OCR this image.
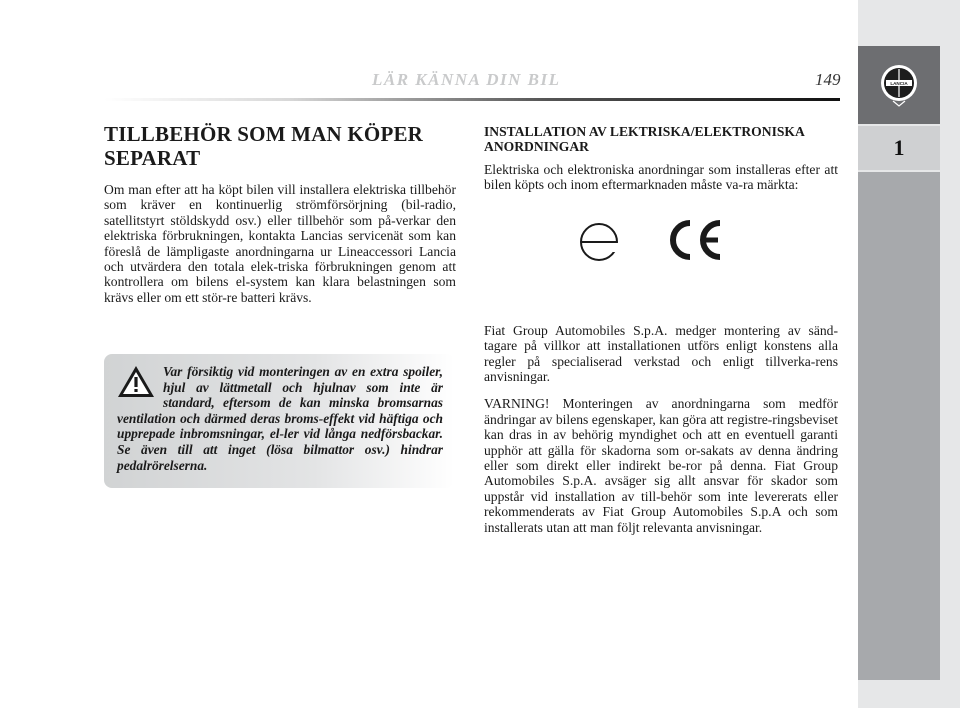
LANCIA
1
LÄR KÄNNA DIN BIL	149
TILLBEHÖR SOM MAN KÖPER
SEPARAT

Om man efter att ha köpt bilen vill installera elektriska tillbehör som kräver en kontinuerlig strömförsörjning (bil-radio, satellitstyrt stöldskydd osv.) eller tillbehör som på-verkar den elektriska förbrukningen, kontakta Lancias servicenät som kan föreslå de lämpligaste anordningarna ur Lineaccessori Lancia och utvärdera den totala elek-triska förbrukningen genom att kontrollera om bilens el-system kan klara belastningen som krävs eller om ett stör-re batteri krävs.

Var försiktig vid monteringen av en extra spoiler, hjul av lättmetall och hjulnav som inte är standard, eftersom de kan minska bromsarnas ventilation och därmed deras broms-effekt vid häftiga och upprepade inbromsningar, el-ler vid långa nedförsbackar. Se även till att inget (lösa bilmattor osv.) hindrar pedalrörelserna.
INSTALLATION AV LEKTRISKA/ELEKTRONISKA
ANORDNINGAR

Elektriska och elektroniska anordningar som installeras efter att bilen köpts och inom eftermarknaden måste va-ra märkta:

Fiat Group Automobiles S.p.A. medger montering av sänd-tagare på villkor att installationen utförs enligt konstens alla regler på specialiserad verkstad och enligt tillverka-rens anvisningar.

VARNING! Monteringen av anordningarna som medför ändringar av bilens egenskaper, kan göra att registre-ringsbeviset kan dras in av behörig myndighet och att en eventuell garanti upphör att gälla för skadorna som or-sakats av denna ändring eller som direkt eller indirekt be-ror på denna. Fiat Group Automobiles S.p.A. avsäger sig allt ansvar för skador som uppstår vid installation av till-behör som inte levererats eller rekommenderats av Fiat Group Automobiles S.p.A och som installerats utan att man följt relevanta anvisningar.
